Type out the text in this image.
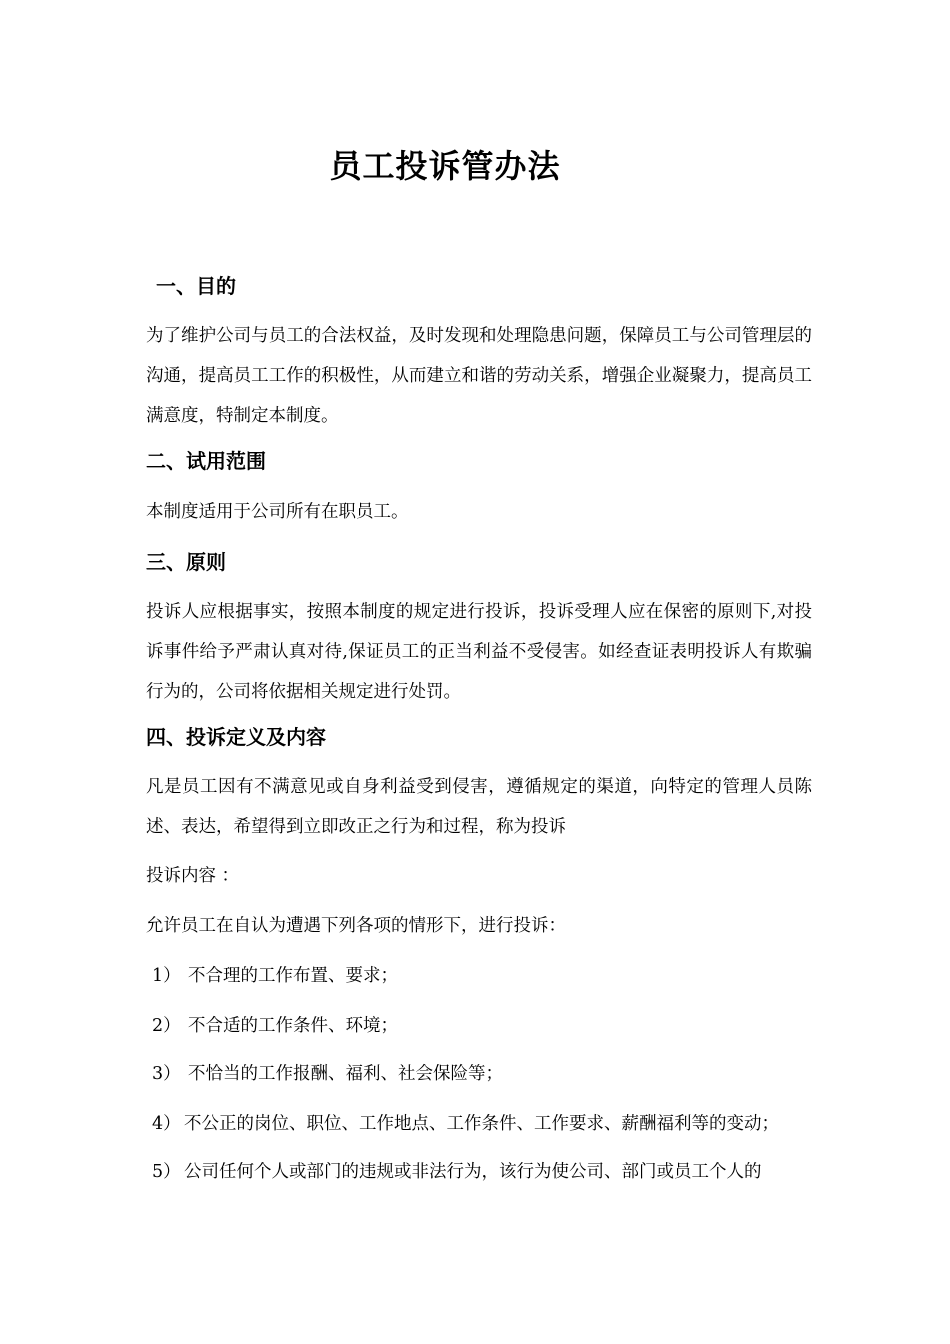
员工投诉管办法
一、目的

为了维护公司与员工的合法权益，及时发现和处理隐患问题，保障员工与公司管理层的沟通，提高员工工作的积极性，从而建立和谐的劳动关系，增强企业凝聚力，提高员工满意度，特制定本制度。

二、试用范围

本制度适用于公司所有在职员工。

三、原则

投诉人应根据事实，按照本制度的规定进行投诉，投诉受理人应在保密的原则下,对投诉事件给予严肃认真对待,保证员工的正当利益不受侵害。如经查证表明投诉人有欺骗行为的，公司将依据相关规定进行处罚。

四、投诉定义及内容

凡是员工因有不满意见或自身利益受到侵害，遵循规定的渠道，向特定的管理人员陈述、表达，希望得到立即改正之行为和过程，称为投诉

投诉内容 ：
允许员工在自认为遭遇下列各项的情形下，进行投诉：
1） 不合理的工作布置、要求；
2） 不合适的工作条件、环境；
3） 不恰当的工作报酬、福利、社会保险等；
4） 不公正的岗位、职位、工作地点、工作条件、工作要求、薪酬福利等的变动；
5） 公司任何个人或部门的违规或非法行为，该行为使公司、部门或员工个人的
